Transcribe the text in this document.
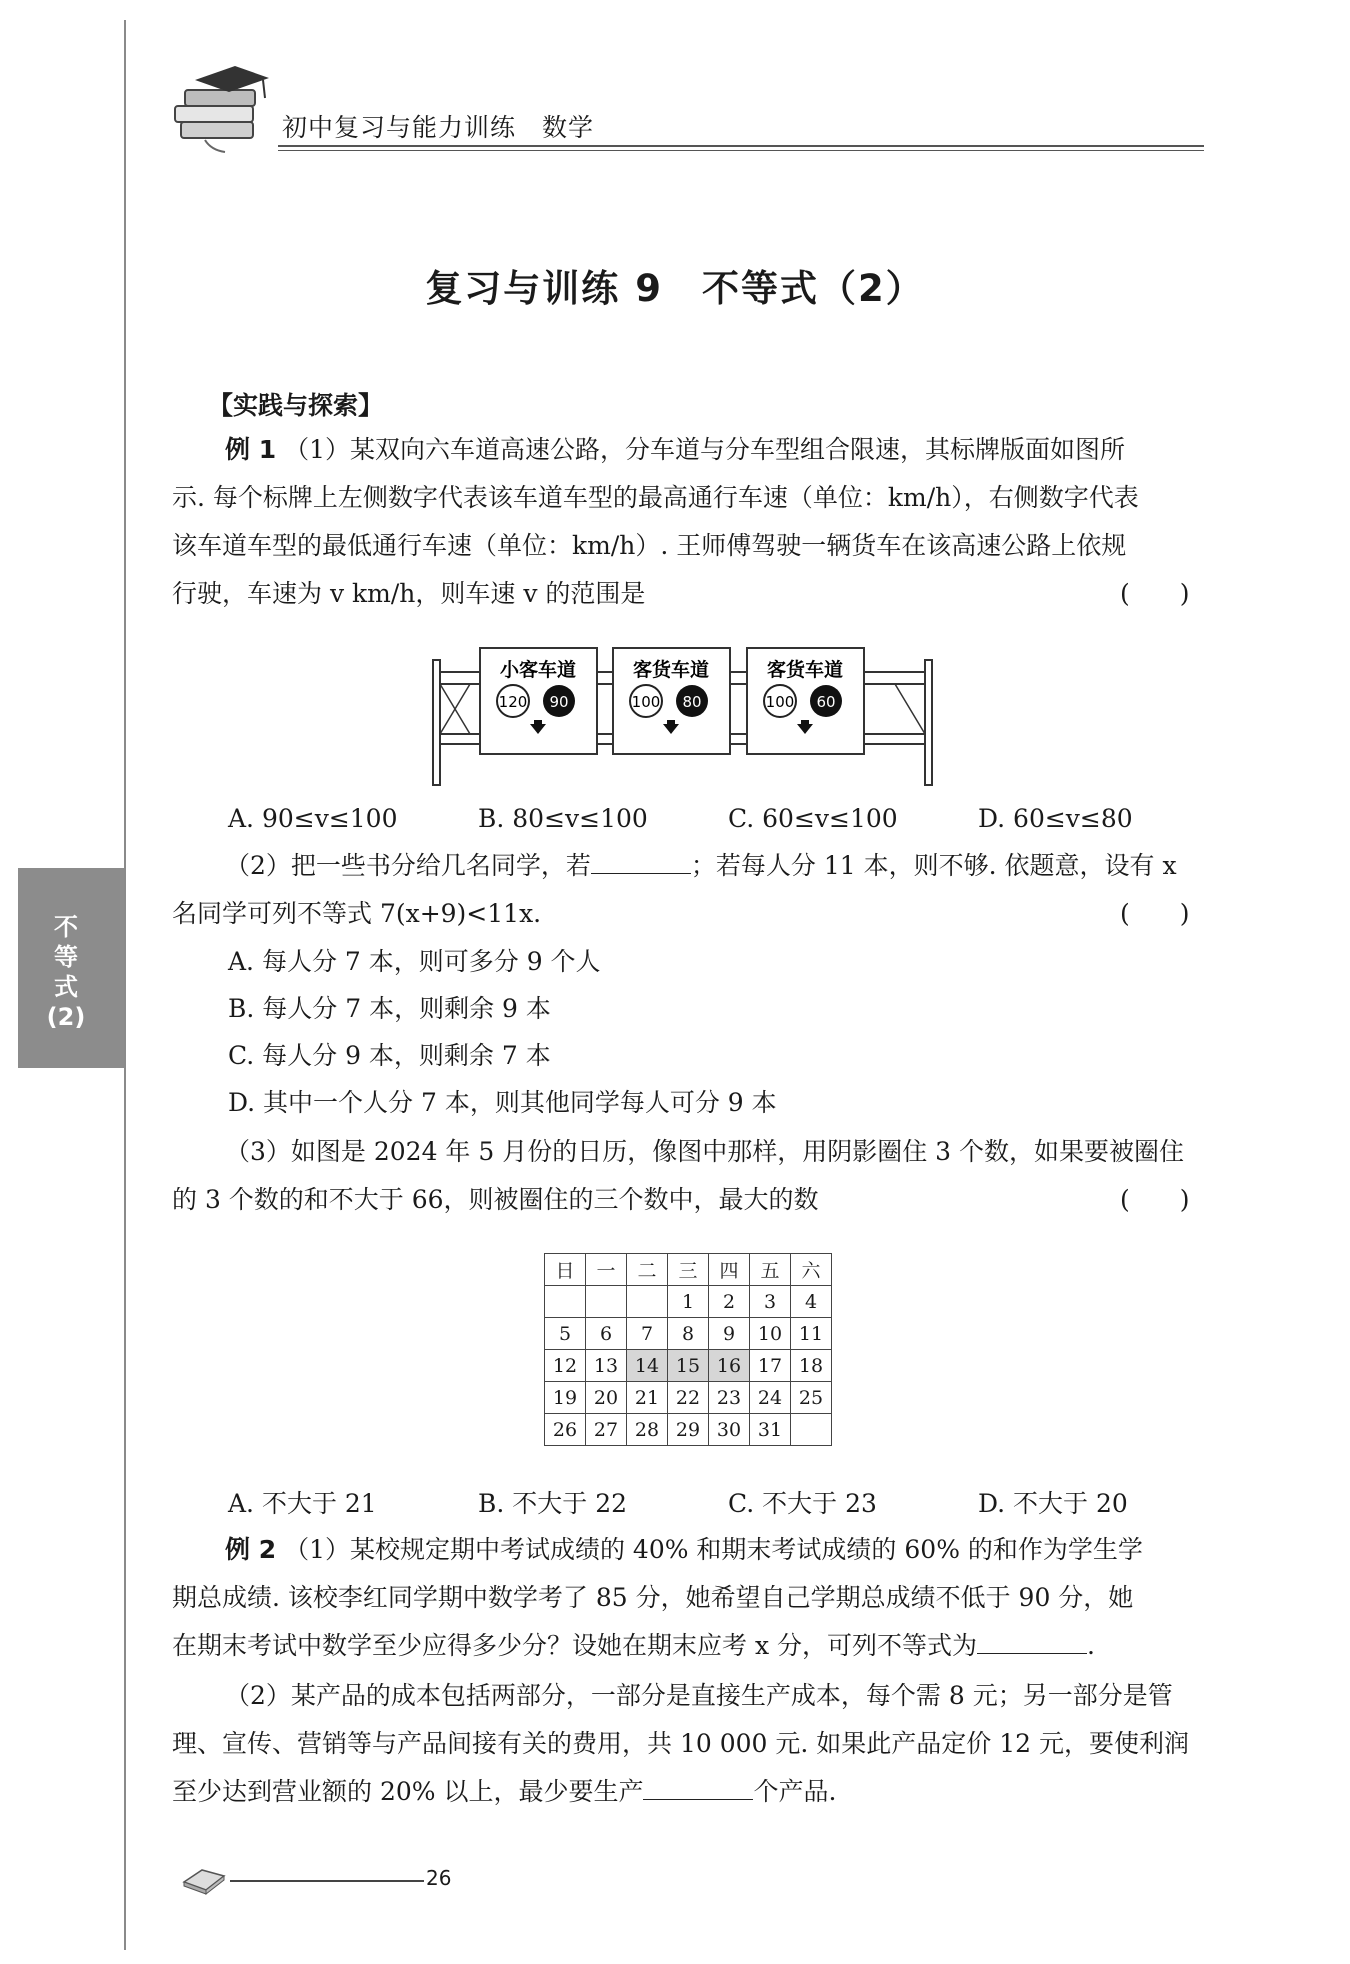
初中复习与能力训练　数学
复习与训练 9　不等式（2）
不
等
式
(2)
【实践与探索】
例 1 （1）某双向六车道高速公路，分车道与分车型组合限速，其标牌版面如图所
示. 每个标牌上左侧数字代表该车道车型的最高通行车速（单位：km/h），右侧数字代表
该车道车型的最低通行车速（单位：km/h）. 王师傅驾驶一辆货车在该高速公路上依规
行驶，车速为 v km/h，则车速 v 的范围是	(　　)
小客车道
120 90
客货车道
100 80
客货车道
100 60
A. 90≤v≤100	B. 80≤v≤100	C. 60≤v≤100	D. 60≤v≤80
（2）把一些书分给几名同学，若	；若每人分 11 本，则不够. 依题意，设有 x
名同学可列不等式 7(x+9)<11x.	(　　)
A. 每人分 7 本，则可多分 9 个人
B. 每人分 7 本，则剩余 9 本
C. 每人分 9 本，则剩余 7 本
D. 其中一个人分 7 本，则其他同学每人可分 9 本
（3）如图是 2024 年 5 月份的日历，像图中那样，用阴影圈住 3 个数，如果要被圈住
的 3 个数的和不大于 66，则被圈住的三个数中，最大的数	(　　)
日	一	二	三	四	五	六
			1	2	3	4
5	6	7	8	9	10	11
12	13	14	15	16	17	18
19	20	21	22	23	24	25
26	27	28	29	30	31	
A. 不大于 21	B. 不大于 22	C. 不大于 23	D. 不大于 20
例 2 （1）某校规定期中考试成绩的 40% 和期末考试成绩的 60% 的和作为学生学
期总成绩. 该校李红同学期中数学考了 85 分，她希望自己学期总成绩不低于 90 分，她
在期末考试中数学至少应得多少分？设她在期末应考 x 分，可列不等式为	.
（2）某产品的成本包括两部分，一部分是直接生产成本，每个需 8 元；另一部分是管
理、宣传、营销等与产品间接有关的费用，共 10 000 元. 如果此产品定价 12 元，要使利润
至少达到营业额的 20% 以上，最少要生产	个产品.
26
